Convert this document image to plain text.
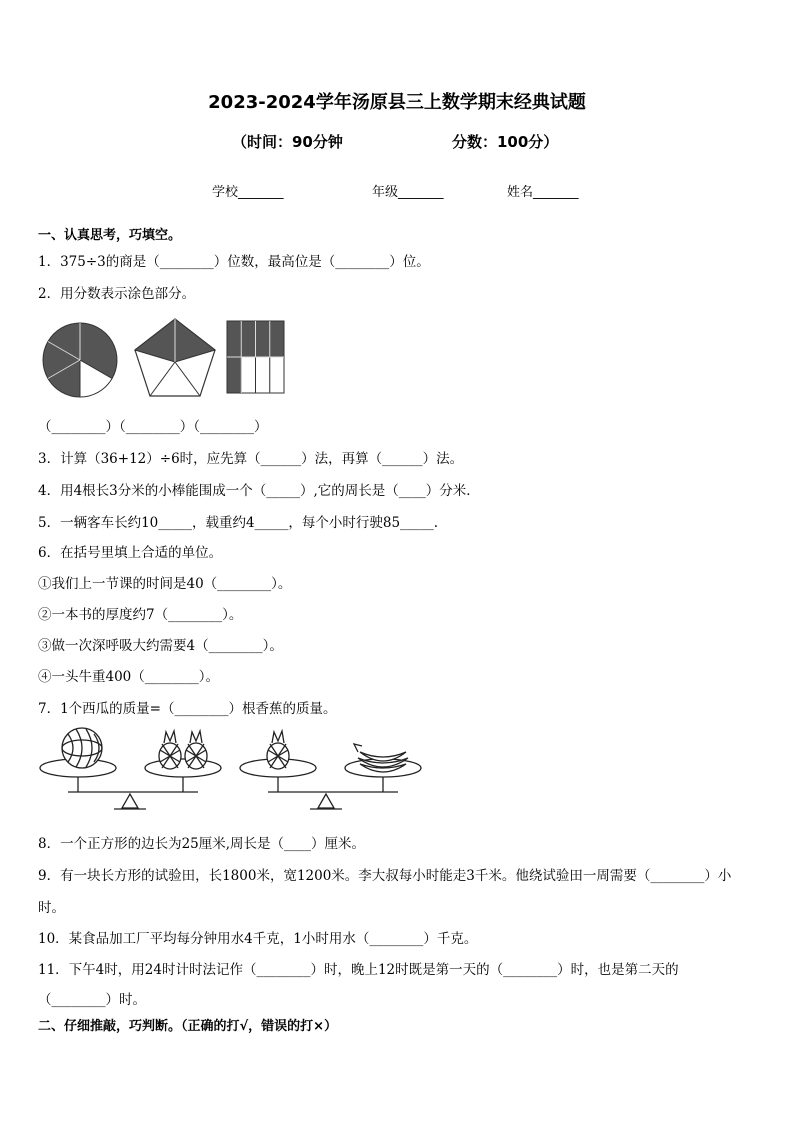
2023-2024学年汤原县三上数学期末经典试题
（时间：90分钟	分数：100分）
学校_______	年级_______	姓名_______
一、认真思考，巧填空。
1．375÷3的商是（________）位数，最高位是（________）位。
2．用分数表示涂色部分。
（________）（________）（________）
3．计算（36+12）÷6时，应先算（______）法，再算（______）法。
4．用4根长3分米的小棒能围成一个（_____）,它的周长是（____）分米．
5．一辆客车长约10_____，载重约4_____，每个小时行驶85_____.
6．在括号里填上合适的单位。
①我们上一节课的时间是40（________）。
②一本书的厚度约7（________）。
③做一次深呼吸大约需要4（________）。
④一头牛重400（________）。
7．1个西瓜的质量=（________）根香蕉的质量。
8．一个正方形的边长为25厘米,周长是（____）厘米。
9．有一块长方形的试验田，长1800米，宽1200米。李大叔每小时能走3千米。他绕试验田一周需要（________）小
时。
10．某食品加工厂平均每分钟用水4千克，1小时用水（________）千克。
11．下午4时，用24时计时法记作（________）时，晚上12时既是第一天的（________）时，也是第二天的
（________）时。
二、仔细推敲，巧判断。（正确的打√，错误的打×）
